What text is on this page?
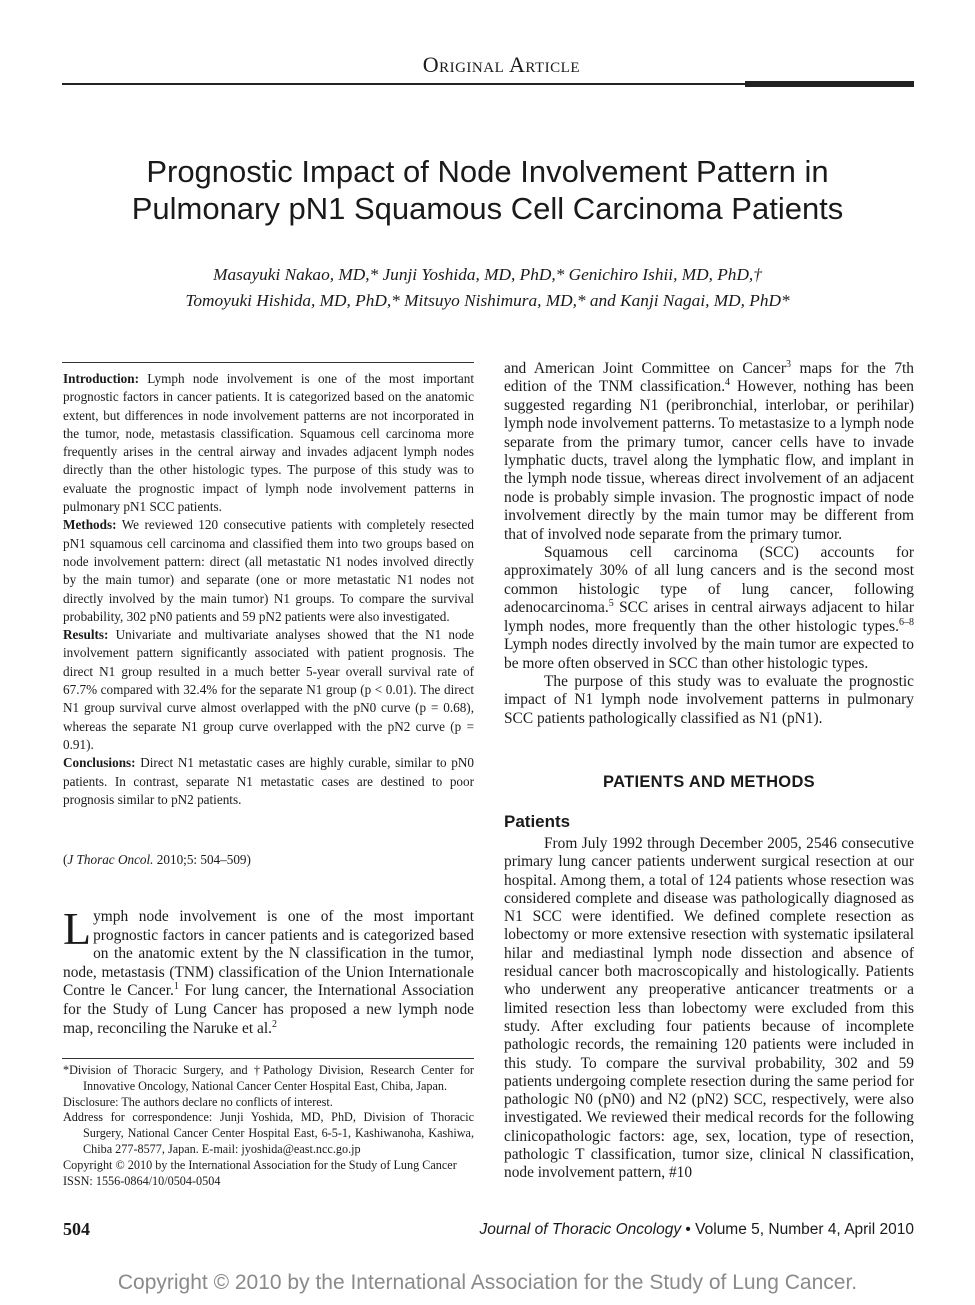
Original Article
Prognostic Impact of Node Involvement Pattern in Pulmonary pN1 Squamous Cell Carcinoma Patients
Masayuki Nakao, MD,* Junji Yoshida, MD, PhD,* Genichiro Ishii, MD, PhD,†
Tomoyuki Hishida, MD, PhD,* Mitsuyo Nishimura, MD,* and Kanji Nagai, MD, PhD*

Introduction: Lymph node involvement is one of the most important prognostic factors in cancer patients. It is categorized based on the anatomic extent, but differences in node involvement patterns are not incorporated in the tumor, node, metastasis classification. Squamous cell carcinoma more frequently arises in the central airway and invades adjacent lymph nodes directly than the other histologic types. The purpose of this study was to evaluate the prognostic impact of lymph node involvement patterns in pulmonary pN1 SCC patients.

Methods: We reviewed 120 consecutive patients with completely resected pN1 squamous cell carcinoma and classified them into two groups based on node involvement pattern: direct (all metastatic N1 nodes involved directly by the main tumor) and separate (one or more metastatic N1 nodes not directly involved by the main tumor) N1 groups. To compare the survival probability, 302 pN0 patients and 59 pN2 patients were also investigated.

Results: Univariate and multivariate analyses showed that the N1 node involvement pattern significantly associated with patient prognosis. The direct N1 group resulted in a much better 5-year overall survival rate of 67.7% compared with 32.4% for the separate N1 group (p < 0.01). The direct N1 group survival curve almost overlapped with the pN0 curve (p = 0.68), whereas the separate N1 group curve overlapped with the pN2 curve (p = 0.91).

Conclusions: Direct N1 metastatic cases are highly curable, similar to pN0 patients. In contrast, separate N1 metastatic cases are destined to poor prognosis similar to pN2 patients.

(J Thorac Oncol. 2010;5: 504–509)
Lymph node involvement is one of the most important prognostic factors in cancer patients and is categorized based on the anatomic extent by the N classification in the tumor, node, metastasis (TNM) classification of the Union Internationale Contre le Cancer.$^1$ For lung cancer, the International Association for the Study of Lung Cancer has proposed a new lymph node map, reconciling the Naruke et al.$^2$

*Division of Thoracic Surgery, and †Pathology Division, Research Center for Innovative Oncology, National Cancer Center Hospital East, Chiba, Japan.

Disclosure: The authors declare no conflicts of interest.

Address for correspondence: Junji Yoshida, MD, PhD, Division of Thoracic Surgery, National Cancer Center Hospital East, 6-5-1, Kashiwanoha, Kashiwa, Chiba 277-8577, Japan. E-mail: jyoshida@east.ncc.go.jp

Copyright © 2010 by the International Association for the Study of Lung Cancer

ISSN: 1556-0864/10/0504-0504

and American Joint Committee on Cancer$^3$ maps for the 7th edition of the TNM classification.$^4$ However, nothing has been suggested regarding N1 (peribronchial, interlobar, or perihilar) lymph node involvement patterns. To metastasize to a lymph node separate from the primary tumor, cancer cells have to invade lymphatic ducts, travel along the lymphatic flow, and implant in the lymph node tissue, whereas direct involvement of an adjacent node is probably simple invasion. The prognostic impact of node involvement directly by the main tumor may be different from that of involved node separate from the primary tumor.

Squamous cell carcinoma (SCC) accounts for approximately 30% of all lung cancers and is the second most common histologic type of lung cancer, following adenocarcinoma.$^5$ SCC arises in central airways adjacent to hilar lymph nodes, more frequently than the other histologic types.$^{6-8}$ Lymph nodes directly involved by the main tumor are expected to be more often observed in SCC than other histologic types.

The purpose of this study was to evaluate the prognostic impact of N1 lymph node involvement patterns in pulmonary SCC patients pathologically classified as N1 (pN1).

PATIENTS AND METHODS
Patients

From July 1992 through December 2005, 2546 consecutive primary lung cancer patients underwent surgical resection at our hospital. Among them, a total of 124 patients whose resection was considered complete and disease was pathologically diagnosed as N1 SCC were identified. We defined complete resection as lobectomy or more extensive resection with systematic ipsilateral hilar and mediastinal lymph node dissection and absence of residual cancer both macroscopically and histologically. Patients who underwent any preoperative anticancer treatments or a limited resection less than lobectomy were excluded from this study. After excluding four patients because of incomplete pathologic records, the remaining 120 patients were included in this study. To compare the survival probability, 302 and 59 patients undergoing complete resection during the same period for pathologic N0 (pN0) and N2 (pN2) SCC, respectively, were also investigated. We reviewed their medical records for the following clinicopathologic factors: age, sex, location, type of resection, pathologic T classification, tumor size, clinical N classification, node involvement pattern, #10

504	Journal of Thoracic Oncology • Volume 5, Number 4, April 2010
Copyright © 2010 by the International Association for the Study of Lung Cancer.
